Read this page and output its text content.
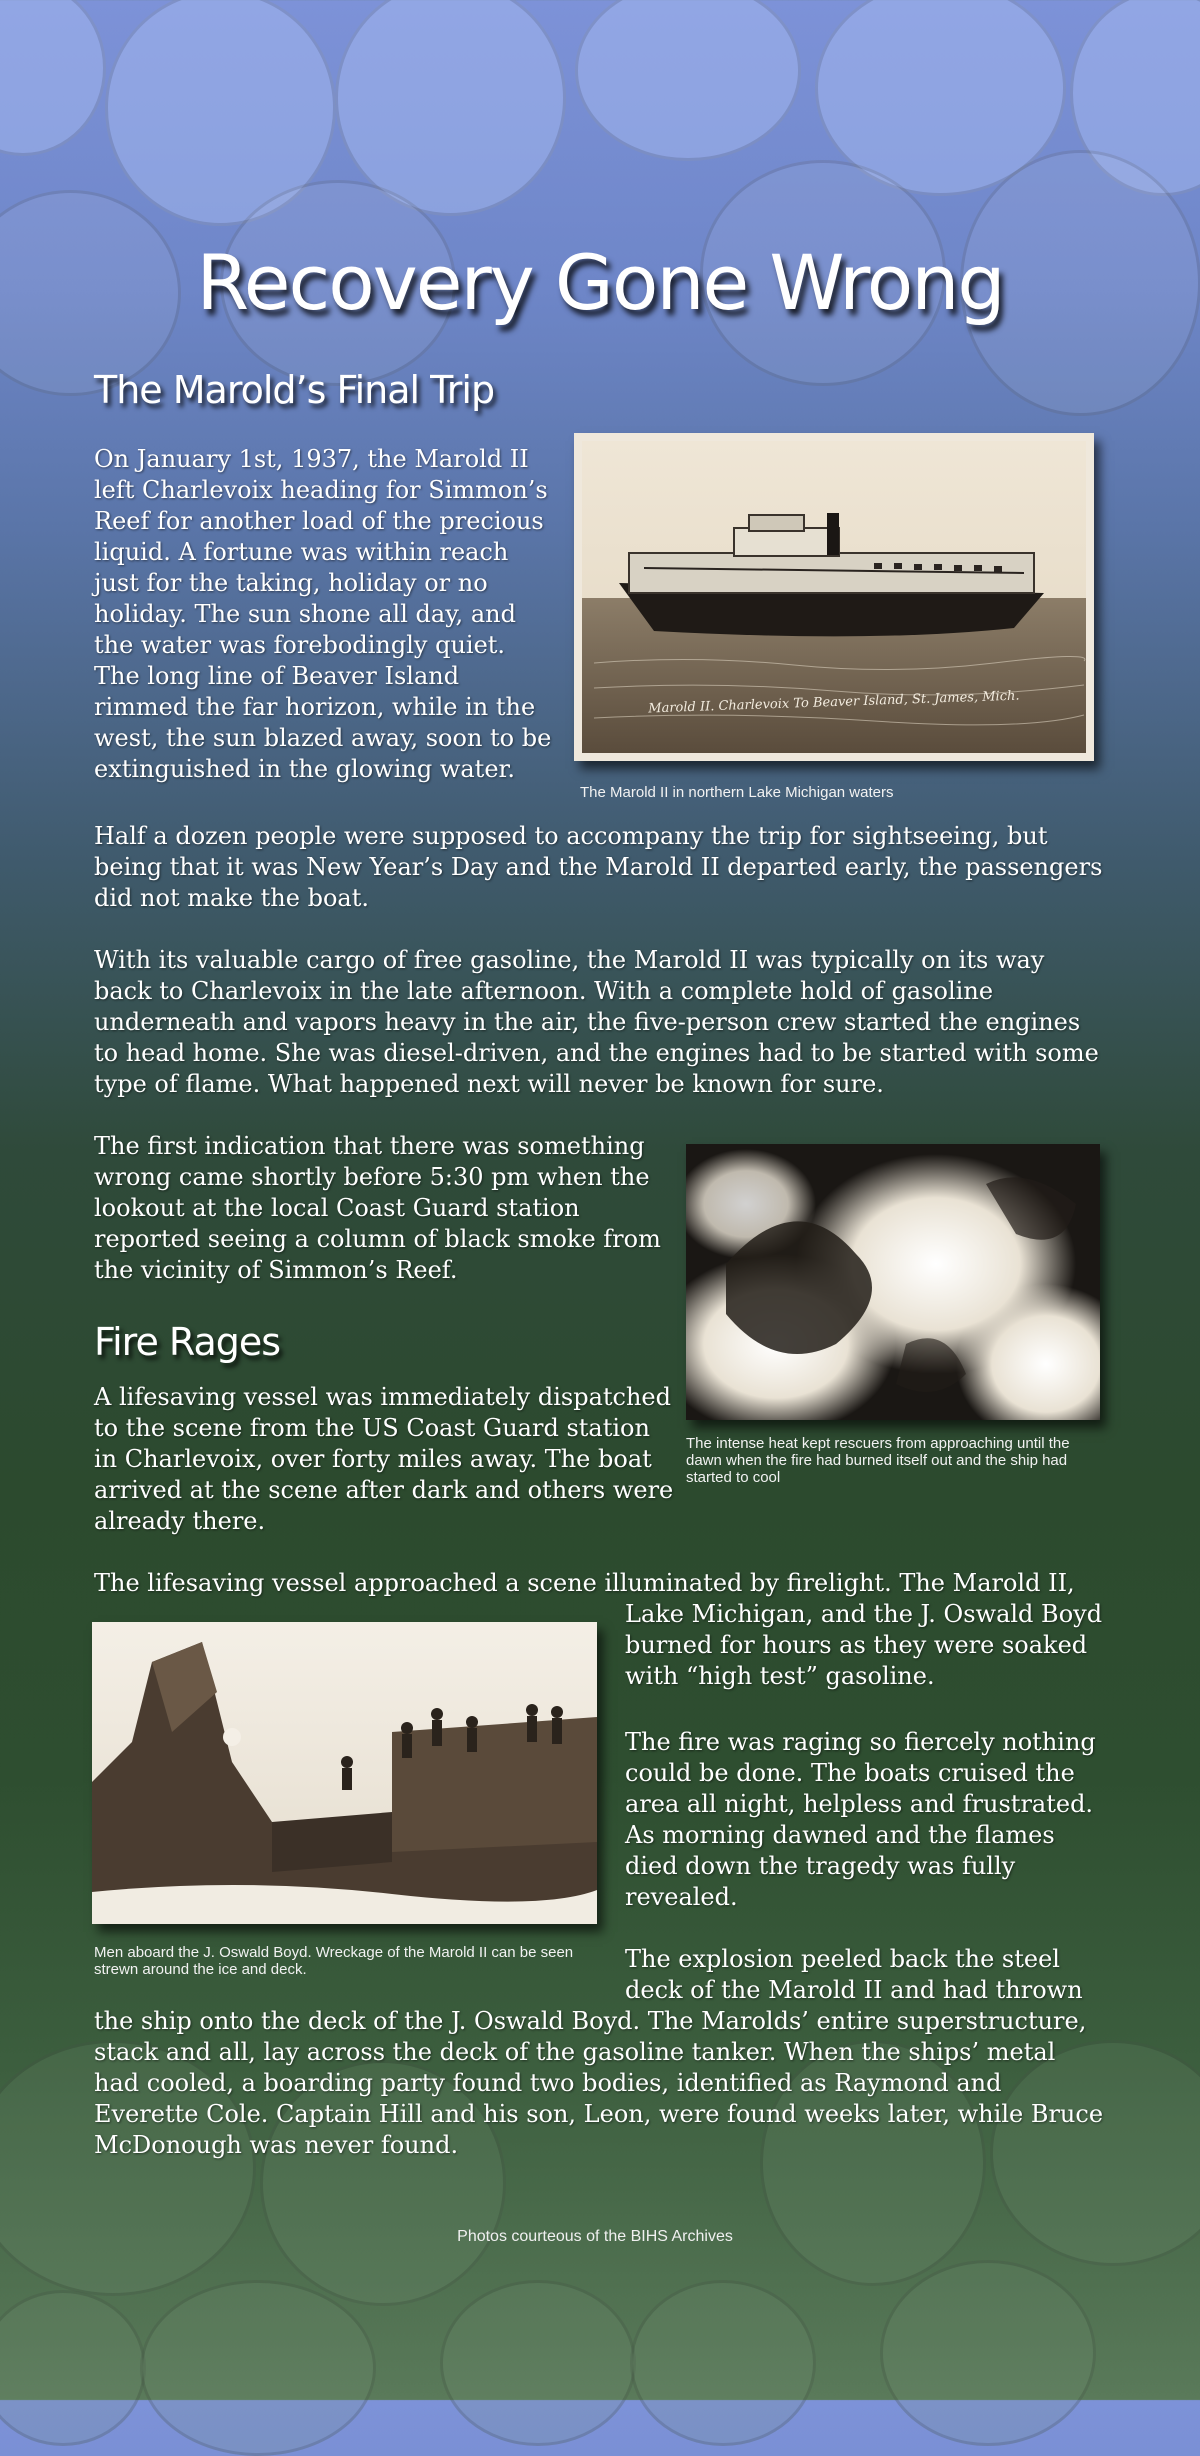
Recovery Gone Wrong
The Marold’s Final Trip

On January 1st, 1937, the Marold II left Charlevoix heading for Simmon’s Reef for another load of the precious liquid. A fortune was within reach just for the taking, holiday or no holiday. The sun shone all day, and the water was forebodingly quiet. The long line of Beaver Island rimmed the far horizon, while in the west, the sun blazed away, soon to be extinguished in the glowing water.

Marold II. Charlevoix To Beaver Island, St. James, Mich.
The Marold II in northern Lake Michigan waters

Half a dozen people were supposed to accompany the trip for sightseeing, but being that it was New Year’s Day and the Marold II departed early, the passengers did not make the boat.

With its valuable cargo of free gasoline, the Marold II was typically on its way back to Charlevoix in the late afternoon. With a complete hold of gasoline underneath and vapors heavy in the air, the five-person crew started the engines to head home. She was diesel-driven, and the engines had to be started with some type of flame. What happened next will never be known for sure.

The first indication that there was something wrong came shortly before 5:30 pm when the lookout at the local Coast Guard station reported seeing a column of black smoke from the vicinity of Simmon’s Reef.

The intense heat kept rescuers from approaching until the dawn when the fire had burned itself out and the ship had started to cool
Fire Rages

A lifesaving vessel was immediately dispatched to the scene from the US Coast Guard station in Charlevoix, over forty miles away. The boat arrived at the scene after dark and others were already there.

The lifesaving vessel approached a scene illuminated by firelight. The Marold II,

Men aboard the J. Oswald Boyd. Wreckage of the Marold II can be seen strewn around the ice and deck.

Lake Michigan, and the J. Oswald Boyd burned for hours as they were soaked with “high test” gasoline.

The fire was raging so fiercely nothing could be done. The boats cruised the area all night, helpless and frustrated. As morning dawned and the flames died down the tragedy was fully revealed.

The explosion peeled back the steel deck of the Marold II and had thrown

the ship onto the deck of the J. Oswald Boyd. The Marolds’ entire superstructure, stack and all, lay across the deck of the gasoline tanker. When the ships’ metal had cooled, a boarding party found two bodies, identified as Raymond and Everette Cole. Captain Hill and his son, Leon, were found weeks later, while Bruce McDonough was never found.

Photos courteous of the BIHS Archives
